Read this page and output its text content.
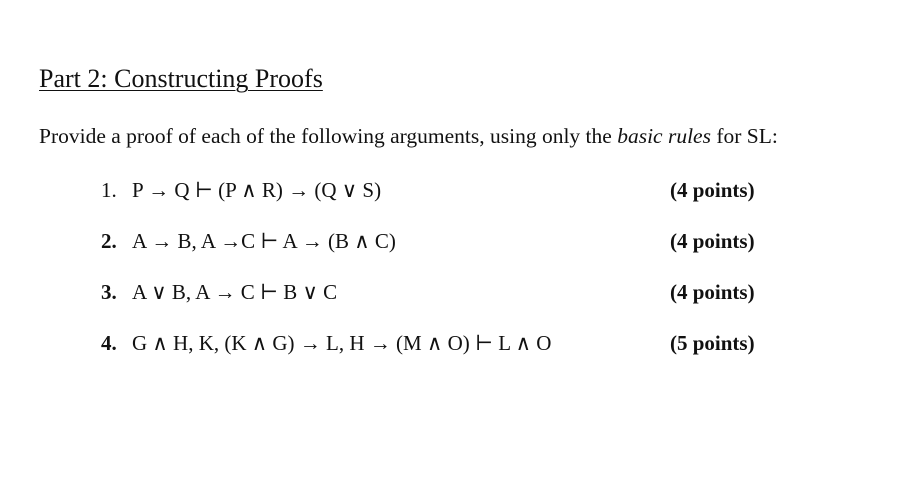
Part 2: Constructing Proofs
Provide a proof of each of the following arguments, using only the basic rules for SL:
1. P → Q ⊢ (P ∧ R) → (Q ∨ S)	(4 points)
2. A → B, A →C ⊢ A → (B ∧ C)	(4 points)
3. A ∨ B, A → C ⊢ B ∨ C	(4 points)
4. G ∧ H, K, (K ∧ G) → L, H → (M ∧ O) ⊢ L ∧ O	(5 points)
